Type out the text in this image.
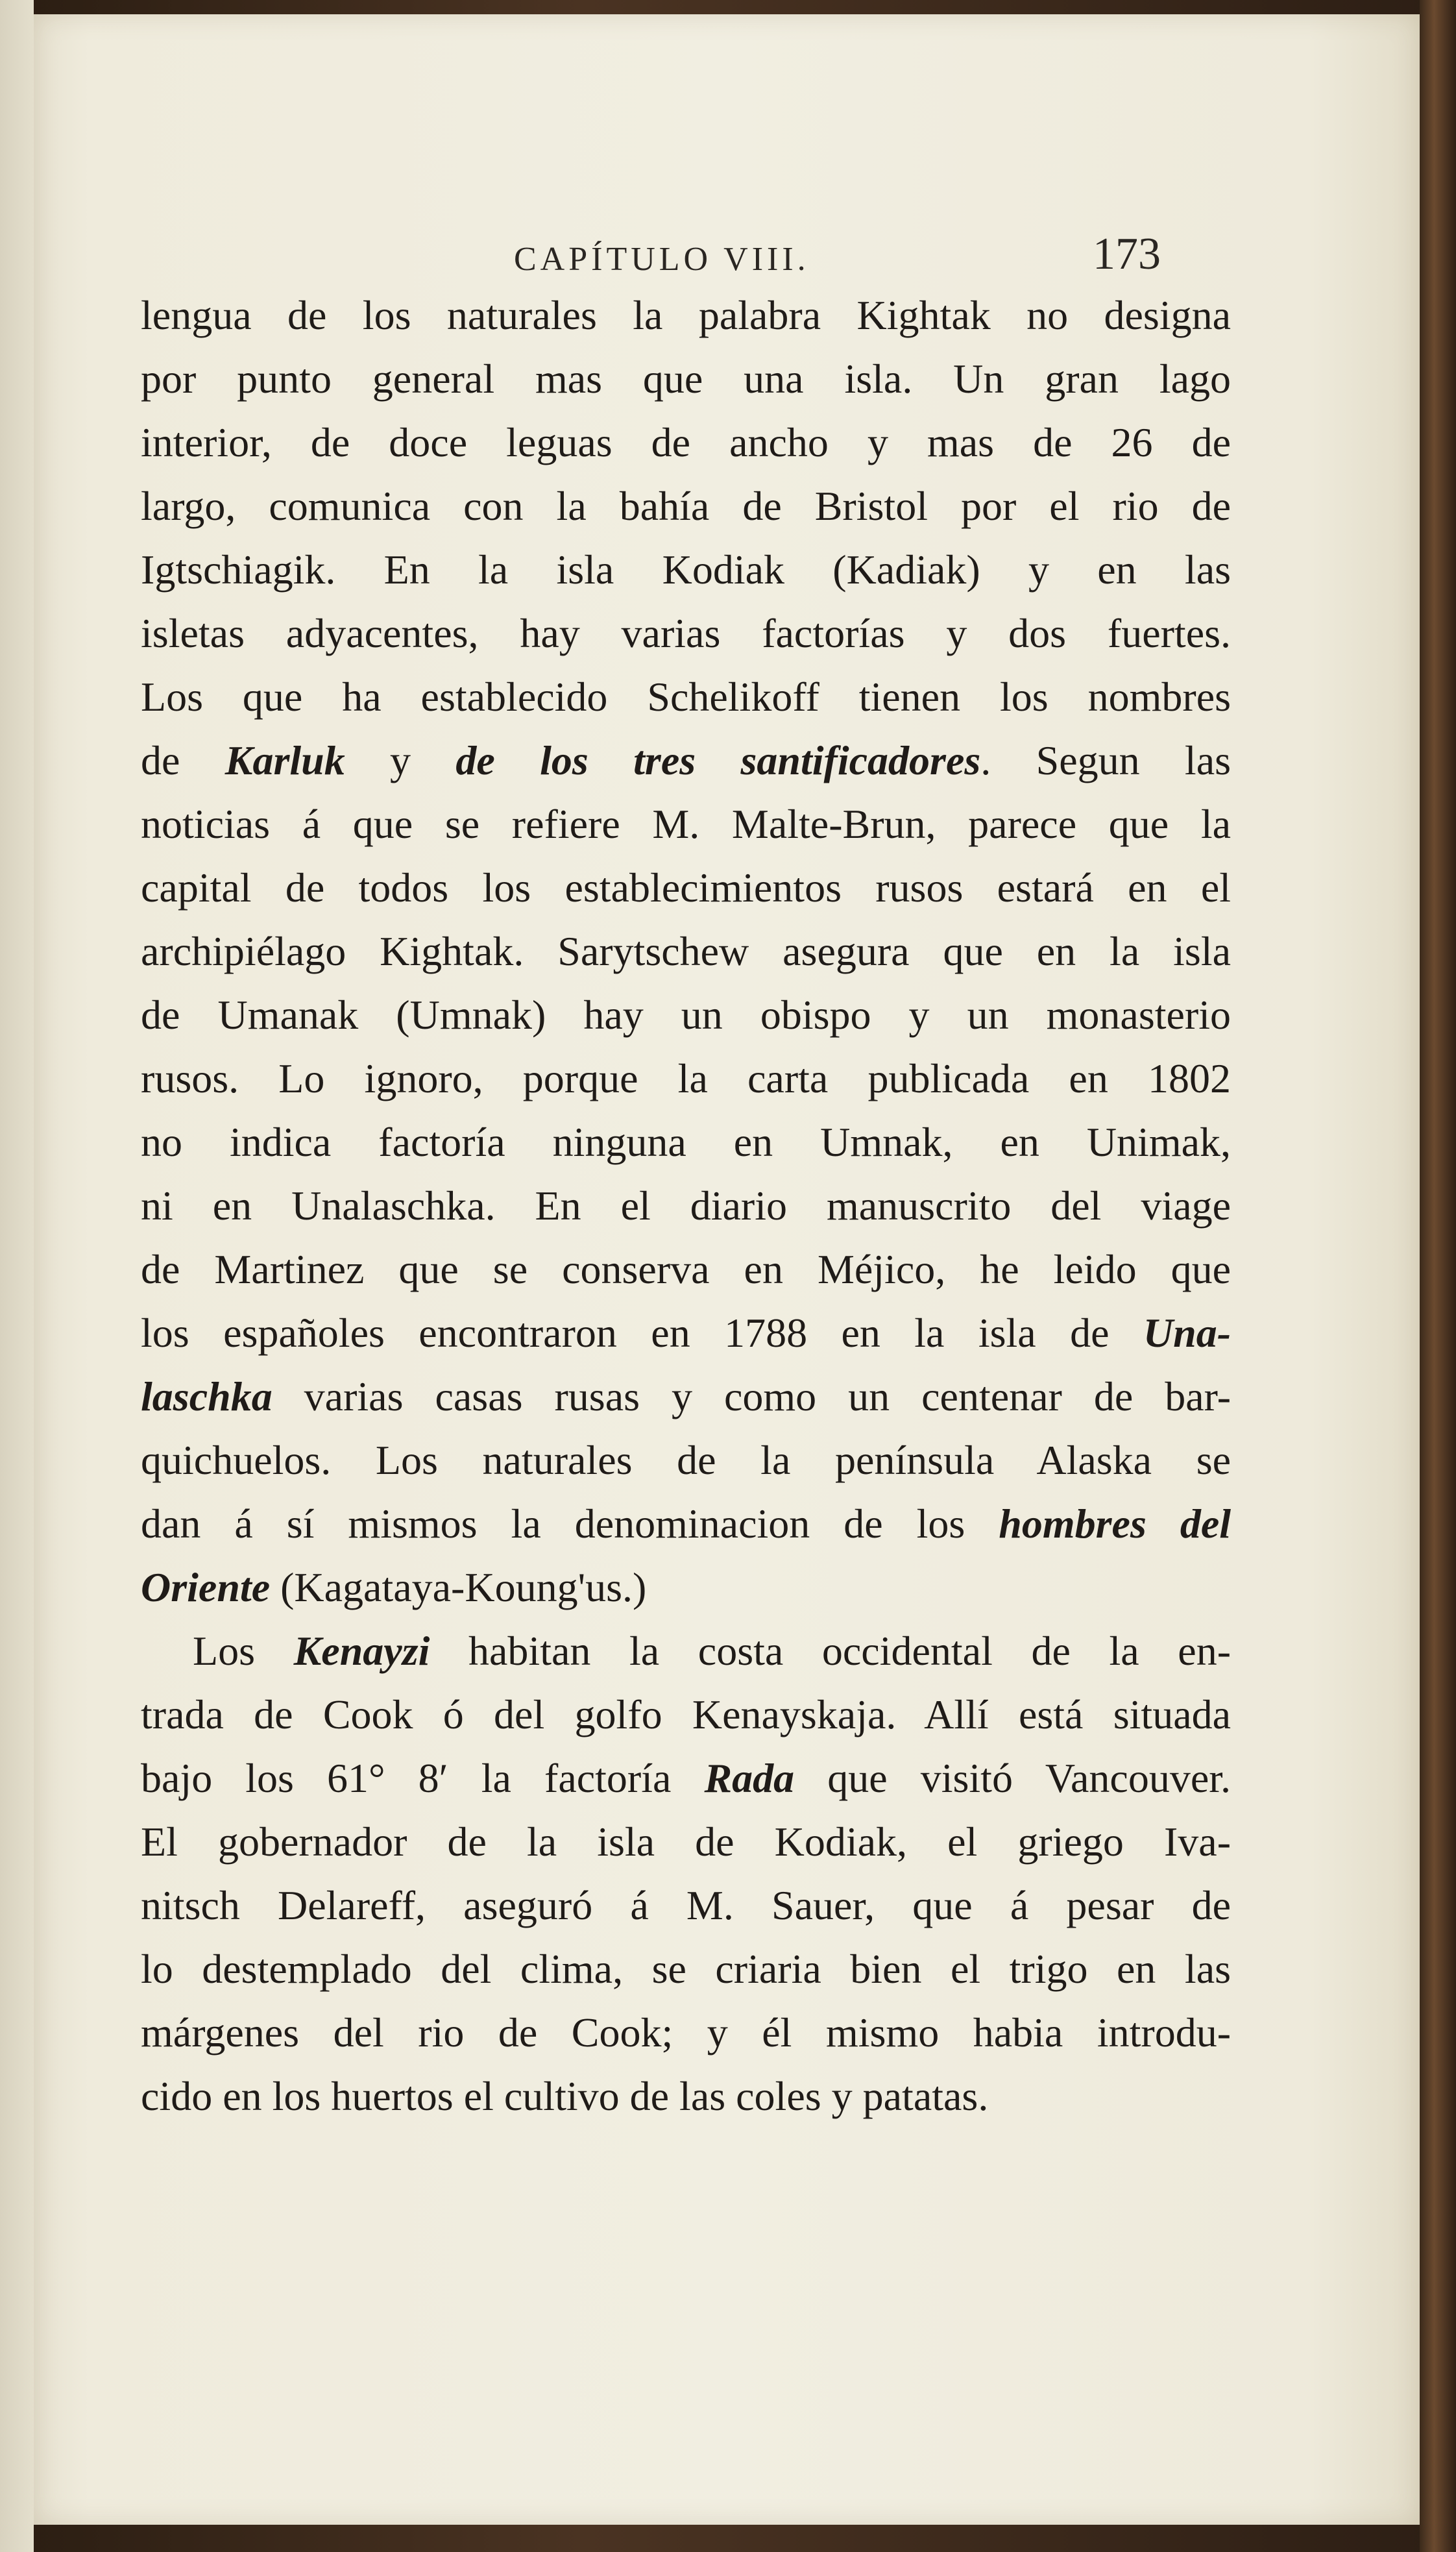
CAPÍTULO VIII.	173
lengua de los naturales la palabra Kightak no designa
por punto general mas que una isla. Un gran lago
interior, de doce leguas de ancho y mas de 26 de
largo, comunica con la bahía de Bristol por el rio de
Igtschiagik. En la isla Kodiak (Kadiak) y en las
isletas adyacentes, hay varias factorías y dos fuertes.
Los que ha establecido Schelikoff tienen los nombres
de Karluk y de los tres santificadores. Segun las
noticias á que se refiere M. Malte-Brun, parece que la
capital de todos los establecimientos rusos estará en el
archipiélago Kightak. Sarytschew asegura que en la isla
de Umanak (Umnak) hay un obispo y un monasterio
rusos. Lo ignoro, porque la carta publicada en 1802
no indica factoría ninguna en Umnak, en Unimak,
ni en Unalaschka. En el diario manuscrito del viage
de Martinez que se conserva en Méjico, he leido que
los españoles encontraron en 1788 en la isla de Una-
laschka varias casas rusas y como un centenar de bar-
quichuelos. Los naturales de la península Alaska se
dan á sí mismos la denominacion de los hombres del
Oriente (Kagataya-Koung'us.)
Los Kenayzi habitan la costa occidental de la en-
trada de Cook ó del golfo Kenayskaja. Allí está situada
bajo los 61° 8′ la factoría Rada que visitó Vancouver.
El gobernador de la isla de Kodiak, el griego Iva-
nitsch Delareff, aseguró á M. Sauer, que á pesar de
lo destemplado del clima, se criaria bien el trigo en las
márgenes del rio de Cook; y él mismo habia introdu-
cido en los huertos el cultivo de las coles y patatas.
